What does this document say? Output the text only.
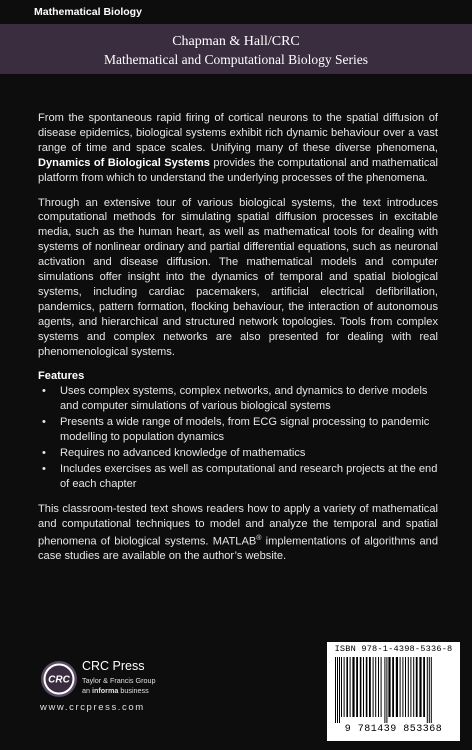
Mathematical Biology
Chapman & Hall/CRC
Mathematical and Computational Biology Series

From the spontaneous rapid firing of cortical neurons to the spatial diffusion of disease epidemics, biological systems exhibit rich dynamic behaviour over a vast range of time and space scales. Unifying many of these diverse phenomena, Dynamics of Biological Systems provides the computational and mathematical platform from which to understand the underlying processes of the phenomena.

Through an extensive tour of various biological systems, the text introduces computational methods for simulating spatial diffusion processes in excitable media, such as the human heart, as well as mathematical tools for dealing with systems of nonlinear ordinary and partial differential equations, such as neuronal activation and disease diffusion. The mathematical models and computer simulations offer insight into the dynamics of temporal and spatial biological systems, including cardiac pacemakers, artificial electrical defibrillation, pandemics, pattern formation, flocking behaviour, the interaction of autonomous agents, and hierarchical and structured network topologies. Tools from complex systems and complex networks are also presented for dealing with real phenomenological systems.

Features
• Uses complex systems, complex networks, and dynamics to derive models and computer simulations of various biological systems
• Presents a wide range of models, from ECG signal processing to pandemic modelling to population dynamics
• Requires no advanced knowledge of mathematics
• Includes exercises as well as computational and research projects at the end of each chapter

This classroom-tested text shows readers how to apply a variety of mathematical and computational techniques to model and analyze the temporal and spatial phenomena of biological systems. MATLAB® implementations of algorithms and case studies are available on the author’s website.

CRC
CRC Press
Taylor & Francis Group
an informa business
www.crcpress.com
ISBN 978-1-4398-5336-8
9 781439 853368
